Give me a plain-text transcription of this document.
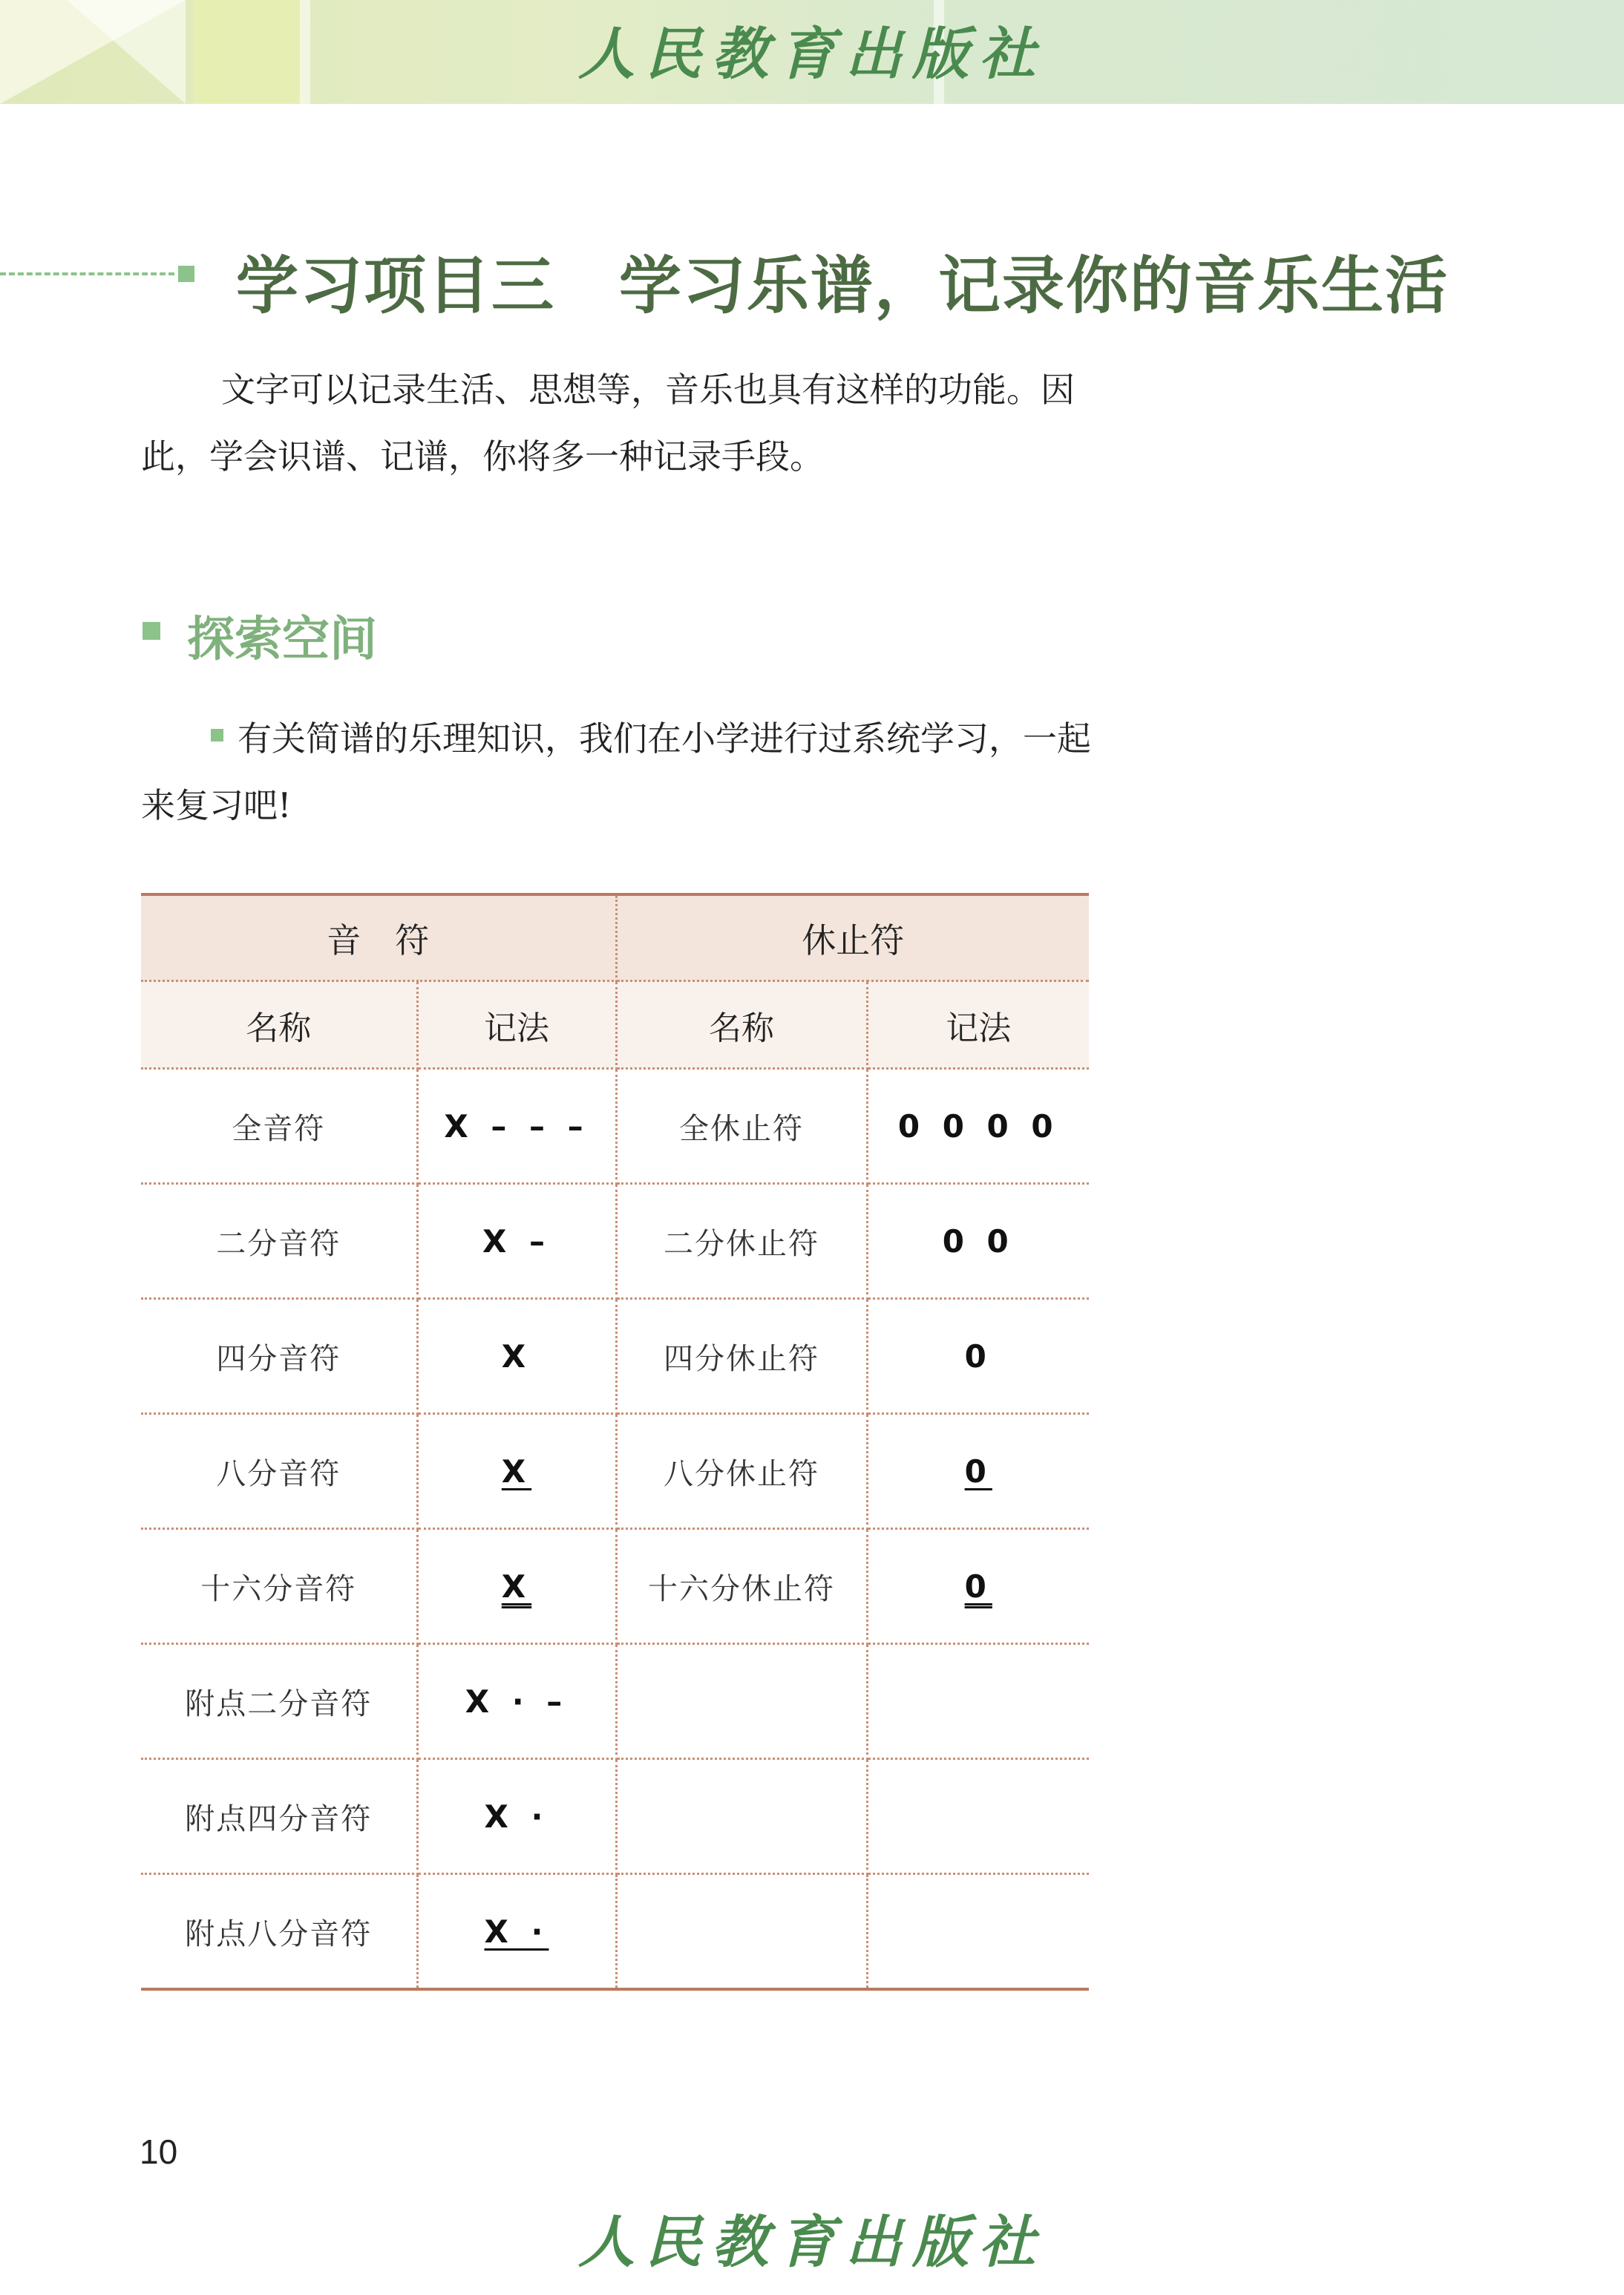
人民教育出版社
学习项目三　学习乐谱，记录你的音乐生活

文字可以记录生活、思想等，音乐也具有这样的功能。因此，学会识谱、记谱，你将多一种记录手段。

探索空间

有关简谱的乐理知识，我们在小学进行过系统学习，一起来复习吧!

音　符		休止符	
名称	记法	名称	记法
全音符	X – – –	全休止符	0 0 0 0
二分音符	X –	二分休止符	0 0
四分音符	X	四分休止符	0
八分音符	X	八分休止符	0
十六分音符	X	十六分休止符	0
附点二分音符	X · –		
附点四分音符	X ·		
附点八分音符	X ·		
10
人民教育出版社
